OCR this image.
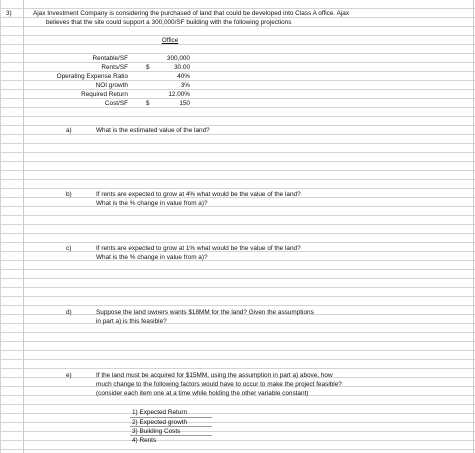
3)	Ajax Investment Company is considering the purchased of land that could be developed into Class A office. Ajax
believes that the site could support a 300,000/SF building with the following projections
Office
Rentable/SF	300,000
Rents/SF	$	30.00
Operating Expense Ratio	40%
NOI growth	3%
Required Return	12.00%
Cost/SF	$	150
a)	What is the estimated value of the land?
b)	If rents are expected to grow at 4% what would be the value of the land?
What is the % change in value from a)?
c)	If rents are expected to grow at 1% what would be the value of the land?
What is the % change in value from a)?
d)	Suppose the land owners wants $18MM for the land? Given the assumptions
in part a) is this feasible?
e)	If the land must be acquired for $15MM, using the assumption in part a) above, how
much change to the following factors would have to occur to make the project feasible?
(consider each item one at a time while holding the other variable constant)
1) Expected Return
2) Expected growth
3) Building Costs
4) Rents
